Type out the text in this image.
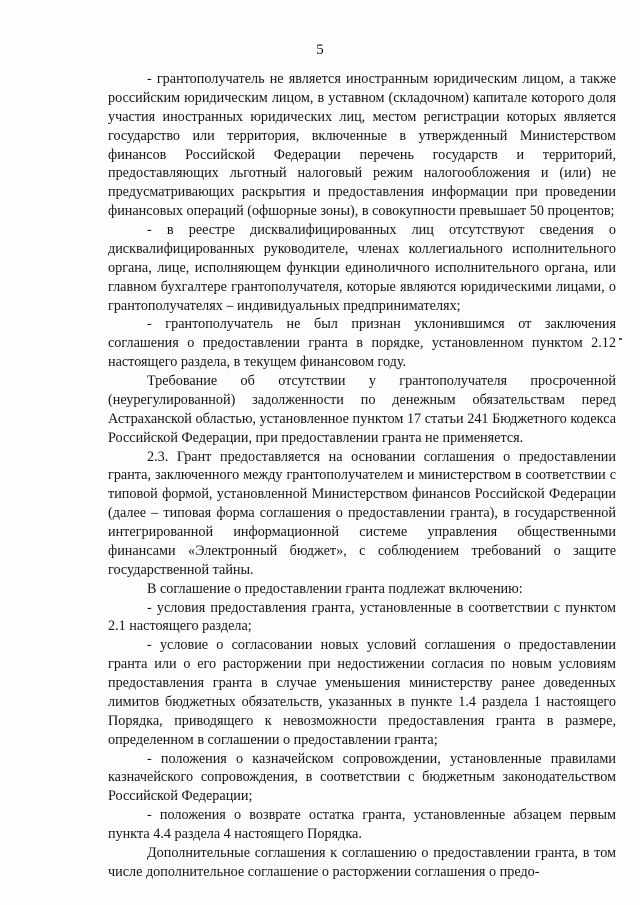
5

- грантополучатель не является иностранным юридическим лицом, а также российским юридическим лицом, в уставном (складочном) капитале которого доля участия иностранных юридических лиц, местом регистрации которых является государство или территория, включенные в утвержденный Министерством финансов Российской Федерации перечень государств и территорий, предоставляющих льготный налоговый режим налогообложения и (или) не предусматривающих раскрытия и предоставления информации при проведении финансовых операций (офшорные зоны), в совокупности превышает 50 процентов;

- в реестре дисквалифицированных лиц отсутствуют сведения о дисквалифицированных руководителе, членах коллегиального исполнительного органа, лице, исполняющем функции единоличного исполнительного органа, или главном бухгалтере грантополучателя, которые являются юридическими лицами, о грантополучателях – индивидуальных предпринимателях;

- грантополучатель не был признан уклонившимся от заключения соглашения о предоставлении гранта в порядке, установленном пунктом 2.12 настоящего раздела, в текущем финансовом году.

Требование об отсутствии у грантополучателя просроченной (неурегулированной) задолженности по денежным обязательствам перед Астраханской областью, установленное пунктом 17 статьи 241 Бюджетного кодекса Российской Федерации, при предоставлении гранта не применяется.

2.3. Грант предоставляется на основании соглашения о предоставлении гранта, заключенного между грантополучателем и министерством в соответствии с типовой формой, установленной Министерством финансов Российской Федерации (далее – типовая форма соглашения о предоставлении гранта), в государственной интегрированной информационной системе управления общественными финансами «Электронный бюджет», с соблюдением требований о защите государственной тайны.

В соглашение о предоставлении гранта подлежат включению:

- условия предоставления гранта, установленные в соответствии с пунктом 2.1 настоящего раздела;

- условие о согласовании новых условий соглашения о предоставлении гранта или о его расторжении при недостижении согласия по новым условиям предоставления гранта в случае уменьшения министерству ранее доведенных лимитов бюджетных обязательств, указанных в пункте 1.4 раздела 1 настоящего Порядка, приводящего к невозможности предоставления гранта в размере, определенном в соглашении о предоставлении гранта;

- положения о казначейском сопровождении, установленные правилами казначейского сопровождения, в соответствии с бюджетным законодательством Российской Федерации;

- положения о возврате остатка гранта, установленные абзацем первым пункта 4.4 раздела 4 настоящего Порядка.

Дополнительные соглашения к соглашению о предоставлении гранта, в том числе дополнительное соглашение о расторжении соглашения о предо-
